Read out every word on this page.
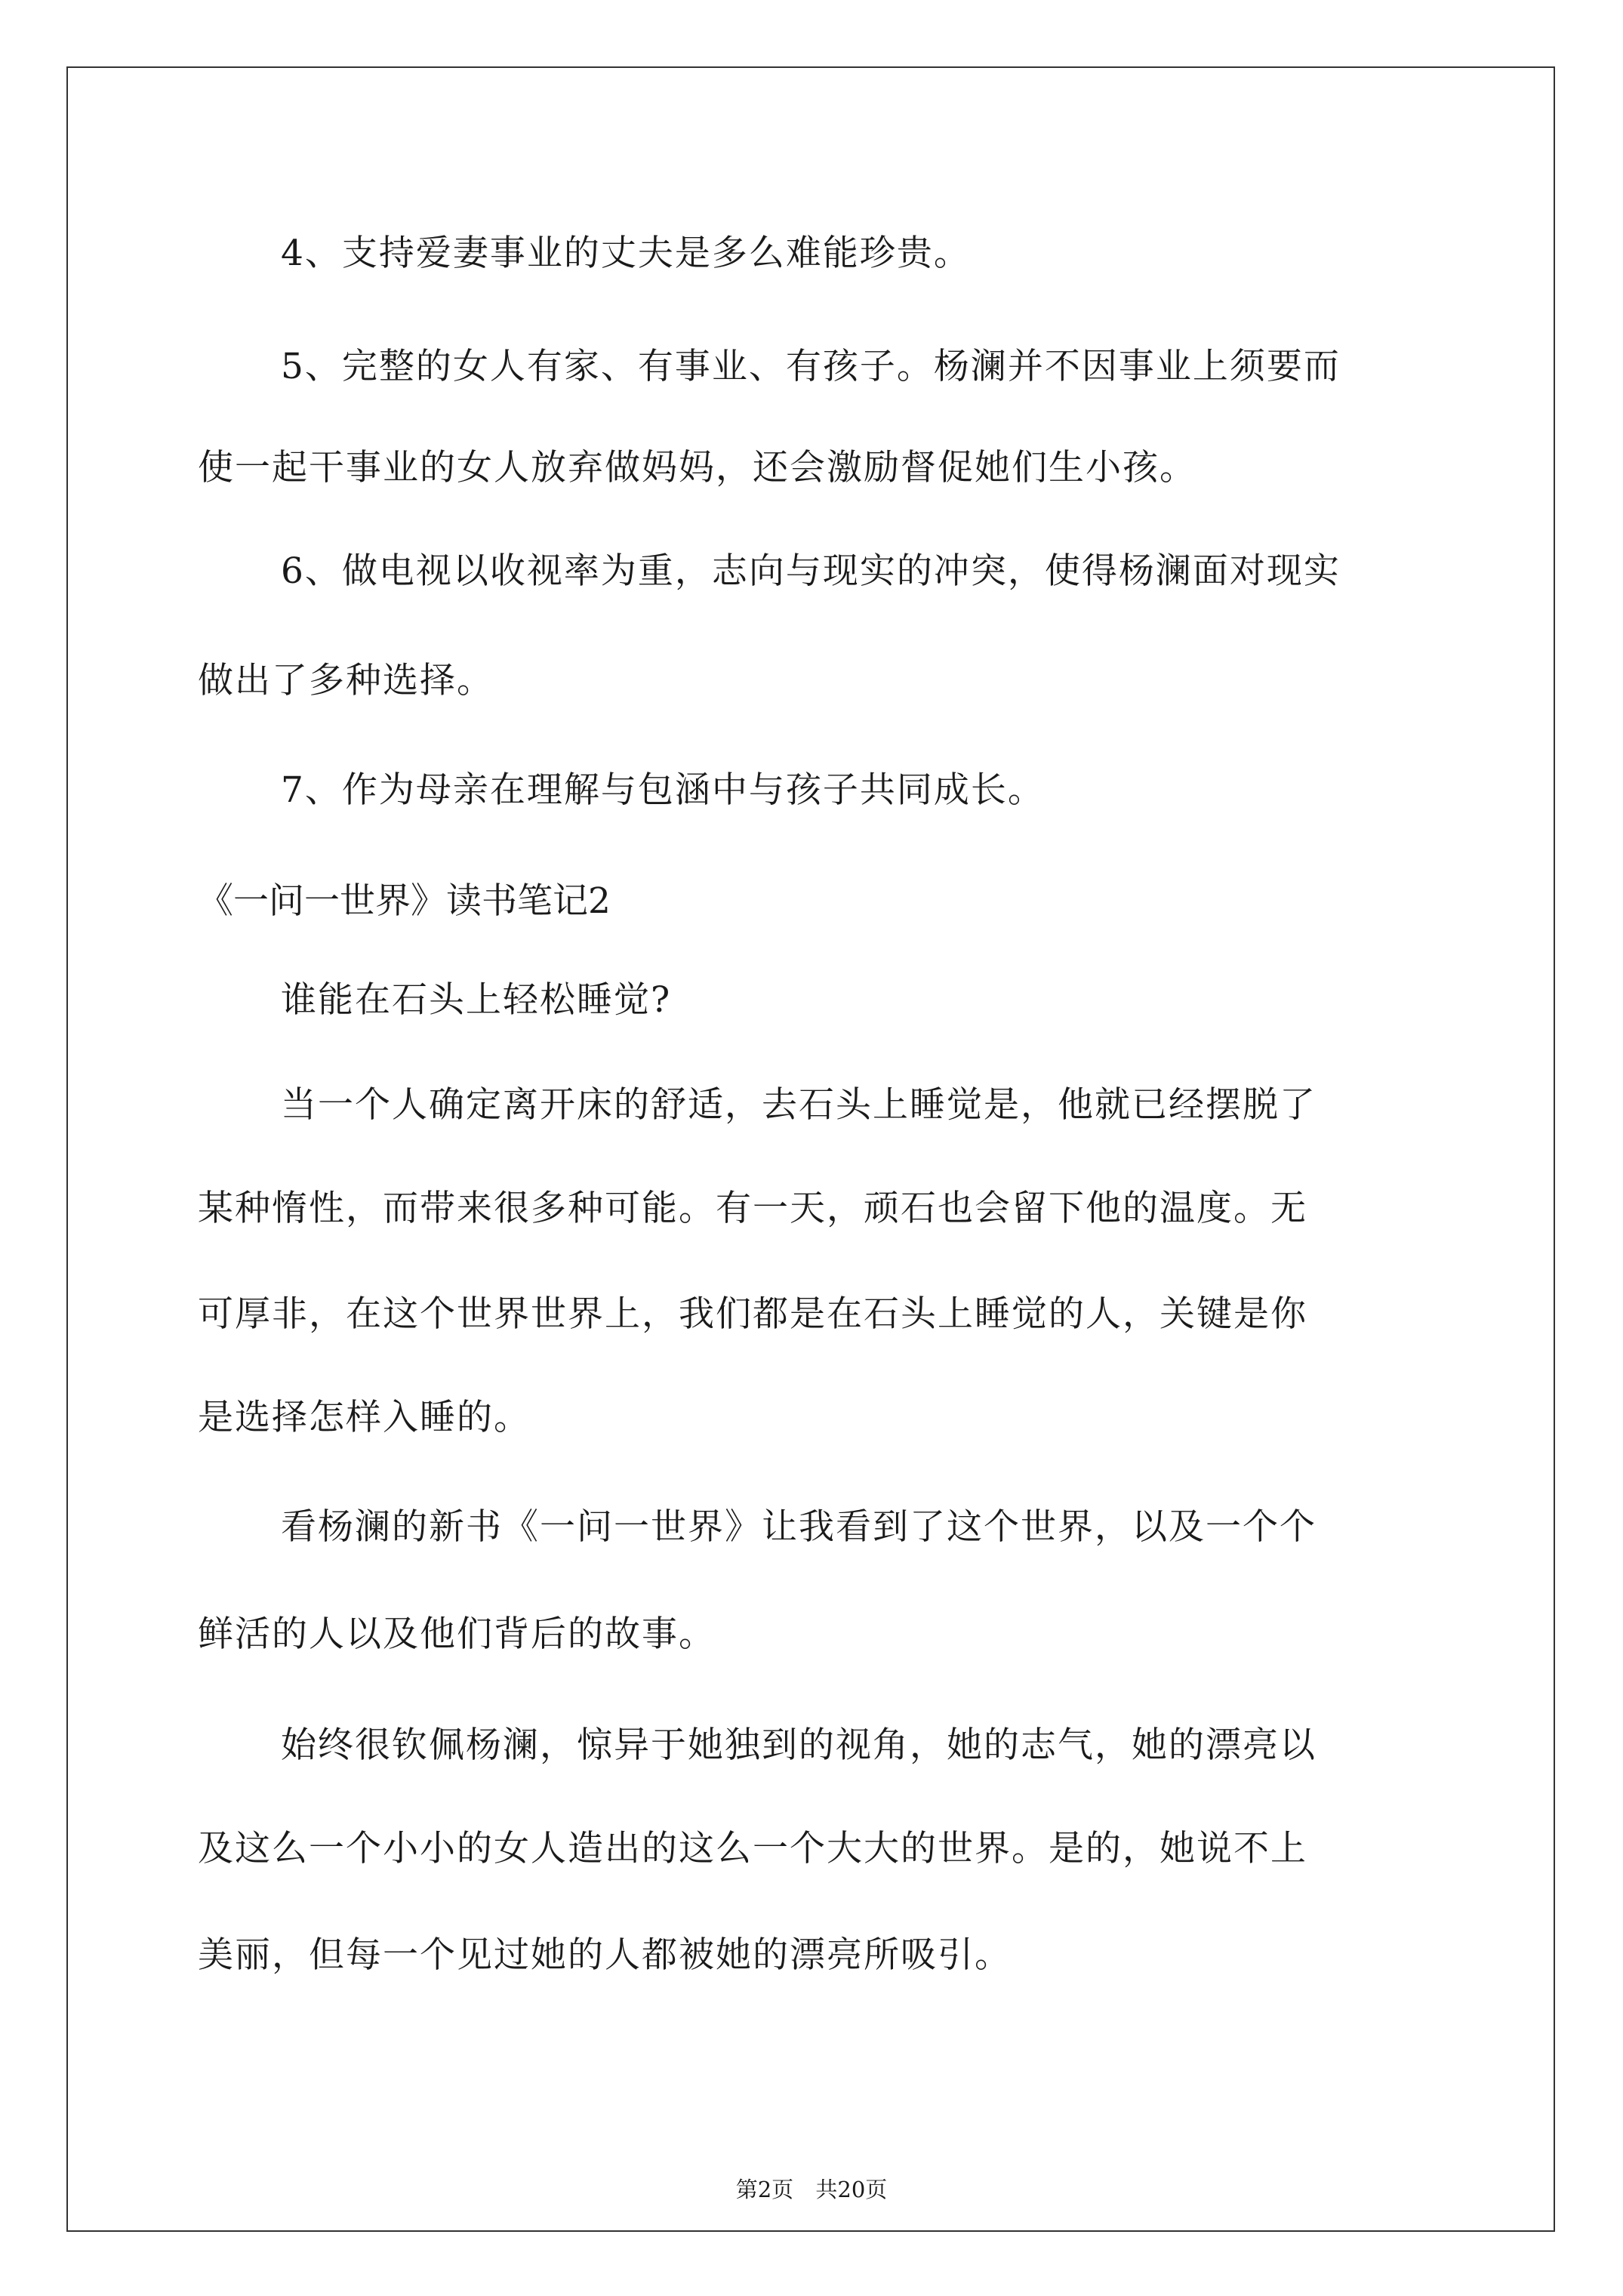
4、支持爱妻事业的丈夫是多么难能珍贵。
5、完整的女人有家、有事业、有孩子。杨澜并不因事业上须要而
使一起干事业的女人放弃做妈妈，还会激励督促她们生小孩。
6、做电视以收视率为重，志向与现实的冲突，使得杨澜面对现实
做出了多种选择。
7、作为母亲在理解与包涵中与孩子共同成长。
《一问一世界》读书笔记2
谁能在石头上轻松睡觉?
当一个人确定离开床的舒适，去石头上睡觉是，他就已经摆脱了
某种惰性，而带来很多种可能。有一天，顽石也会留下他的温度。无
可厚非，在这个世界世界上，我们都是在石头上睡觉的人，关键是你
是选择怎样入睡的。
看杨澜的新书《一问一世界》让我看到了这个世界，以及一个个
鲜活的人以及他们背后的故事。
始终很钦佩杨澜，惊异于她独到的视角，她的志气，她的漂亮以
及这么一个小小的女人造出的这么一个大大的世界。是的，她说不上
美丽，但每一个见过她的人都被她的漂亮所吸引。
第2页 共20页
